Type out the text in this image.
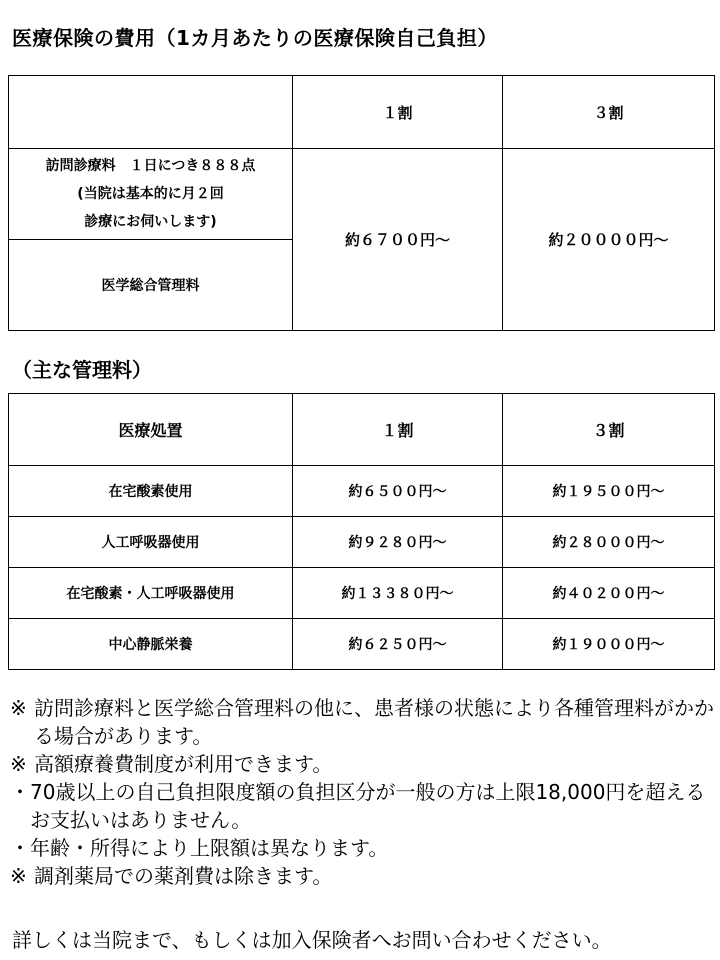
医療保険の費用（1カ月あたりの医療保険自己負担）
	１割	３割

訪問診療料　１日につき８８８点
(当院は基本的に月２回
診療にお伺いします)	約６７００円～	約２００００円～
医学総合管理料		
（主な管理料）
医療処置	１割	３割
在宅酸素使用	約６５００円～	約１９５００円～
人工呼吸器使用	約９２８０円～	約２８０００円～
在宅酸素・人工呼吸器使用	約１３３８０円～	約４０２００円～
中心静脈栄養	約６２５０円～	約１９０００円～
※ 訪問診療料と医学総合管理料の他に、患者様の状態により各種管理料がかかる場合があります。
※ 高額療養費制度が利用できます。
・ 70歳以上の自己負担限度額の負担区分が一般の方は上限18,000円を超えるお支払いはありません。
・ 年齢・所得により上限額は異なります。
※ 調剤薬局での薬剤費は除きます。
詳しくは当院まで、もしくは加入保険者へお問い合わせください。
